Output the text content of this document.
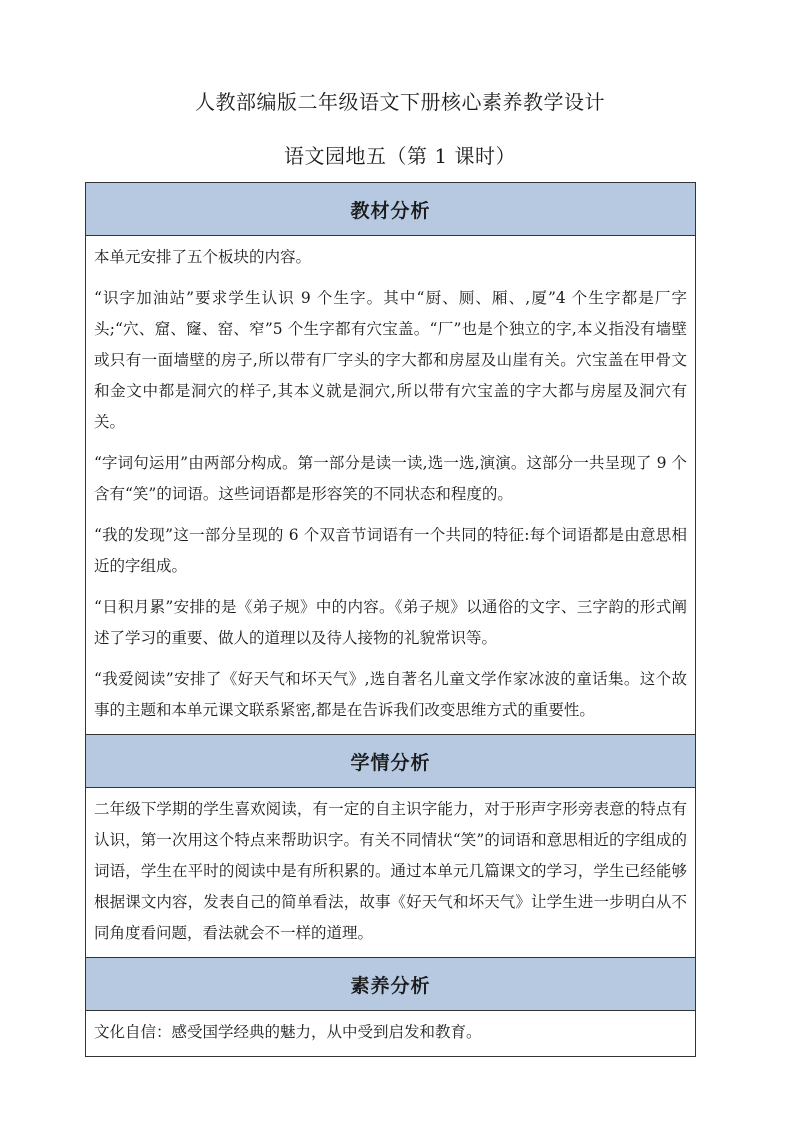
人教部编版二年级语文下册核心素养教学设计
语文园地五（第 1 课时）
教材分析

本单元安排了五个板块的内容。

“识字加油站”要求学生认识 9 个生字。其中“厨、厕、厢、,厦”4 个生字都是厂字头;“穴、窟、窿、窑、窄”5 个生字都有穴宝盖。“厂”也是个独立的字,本义指没有墙壁或只有一面墙壁的房子,所以带有厂字头的字大都和房屋及山崖有关。穴宝盖在甲骨文和金文中都是洞穴的样子,其本义就是洞穴,所以带有穴宝盖的字大都与房屋及洞穴有关。

“字词句运用”由两部分构成。第一部分是读一读,选一选,演演。这部分一共呈现了 9 个含有“笑”的词语。这些词语都是形容笑的不同状态和程度的。

“我的发现”这一部分呈现的 6 个双音节词语有一个共同的特征:每个词语都是由意思相近的字组成。

“日积月累”安排的是《弟子规》中的内容。《弟子规》以通俗的文字、三字韵的形式阐述了学习的重要、做人的道理以及待人接物的礼貌常识等。

“我爱阅读”安排了《好天气和坏天气》,选自著名儿童文学作家冰波的童话集。这个故事的主题和本单元课文联系紧密,都是在告诉我们改变思维方式的重要性。

学情分析

二年级下学期的学生喜欢阅读，有一定的自主识字能力，对于形声字形旁表意的特点有认识，第一次用这个特点来帮助识字。有关不同情状“笑”的词语和意思相近的字组成的词语，学生在平时的阅读中是有所积累的。通过本单元几篇课文的学习，学生已经能够根据课文内容，发表自己的简单看法，故事《好天气和坏天气》让学生进一步明白从不同角度看问题，看法就会不一样的道理。

素养分析

文化自信：感受国学经典的魅力，从中受到启发和教育。
